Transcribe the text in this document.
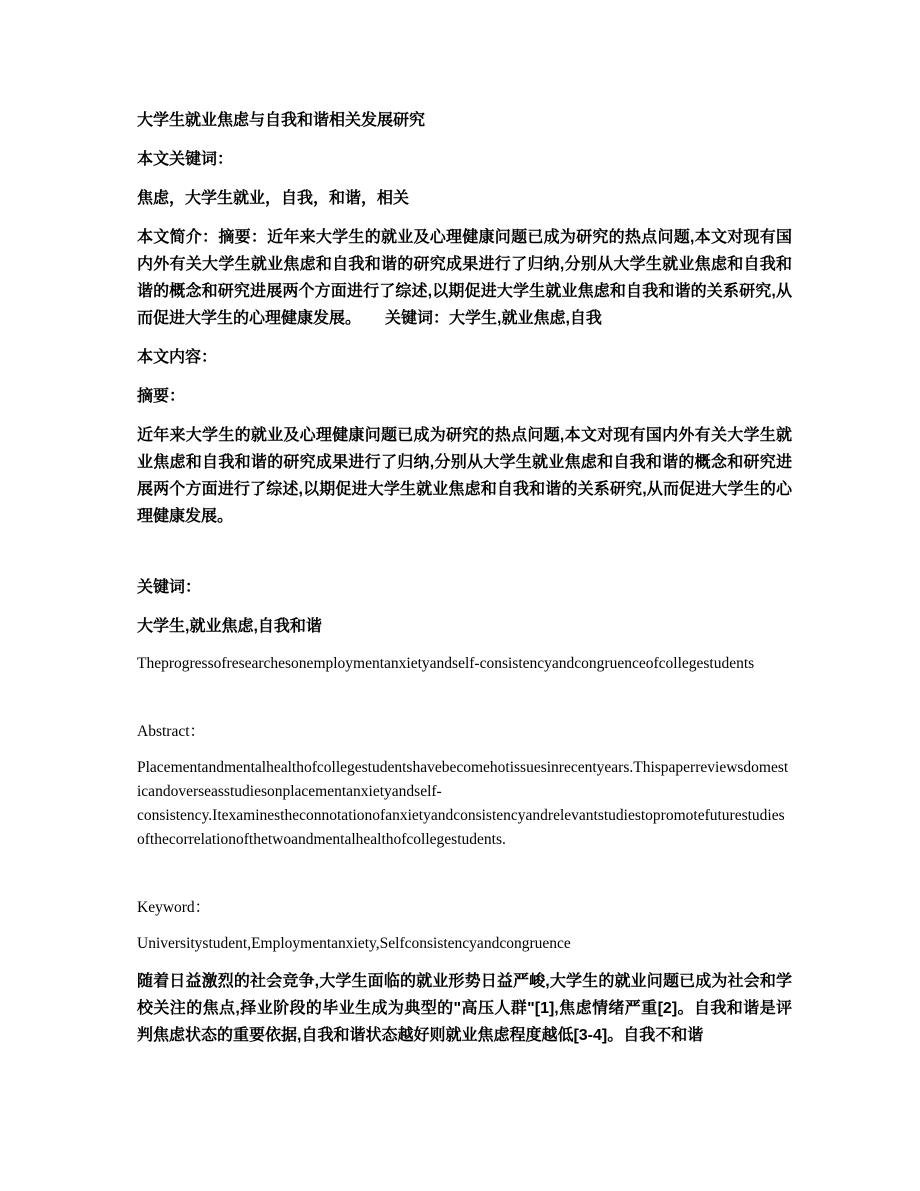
大学生就业焦虑与自我和谐相关发展研究
本文关键词：
焦虑，大学生就业，自我，和谐，相关
本文简介：摘要：近年来大学生的就业及心理健康问题已成为研究的热点问题,本文对现有国内外有关大学生就业焦虑和自我和谐的研究成果进行了归纳,分别从大学生就业焦虑和自我和谐的概念和研究进展两个方面进行了综述,以期促进大学生就业焦虑和自我和谐的关系研究,从而促进大学生的心理健康发展。　　关键词：大学生,就业焦虑,自我
本文内容：
摘要：
近年来大学生的就业及心理健康问题已成为研究的热点问题,本文对现有国内外有关大学生就业焦虑和自我和谐的研究成果进行了归纳,分别从大学生就业焦虑和自我和谐的概念和研究进展两个方面进行了综述,以期促进大学生就业焦虑和自我和谐的关系研究,从而促进大学生的心理健康发展。
关键词：
大学生,就业焦虑,自我和谐
Theprogressofresearchesonemploymentanxietyandself-consistencyandcongruenceofcollegestudents
Abstract：
Placementandmentalhealthofcollegestudentshavebecomehotissuesinrecentyears.Thispaperreviewsdomesticandoverseasstudiesonplacementanxietyandself-consistency.Itexaminestheconnotationofanxietyandconsistencyandrelevantstudiestopromotefuturestudiesofthecorrelationofthetwoandmentalhealthofcollegestudents.
Keyword：
Universitystudent,Employmentanxiety,Selfconsistencyandcongruence
随着日益激烈的社会竞争,大学生面临的就业形势日益严峻,大学生的就业问题已成为社会和学校关注的焦点,择业阶段的毕业生成为典型的"高压人群"[1],焦虑情绪严重[2]。自我和谐是评判焦虑状态的重要依据,自我和谐状态越好则就业焦虑程度越低[3-4]。自我不和谐
